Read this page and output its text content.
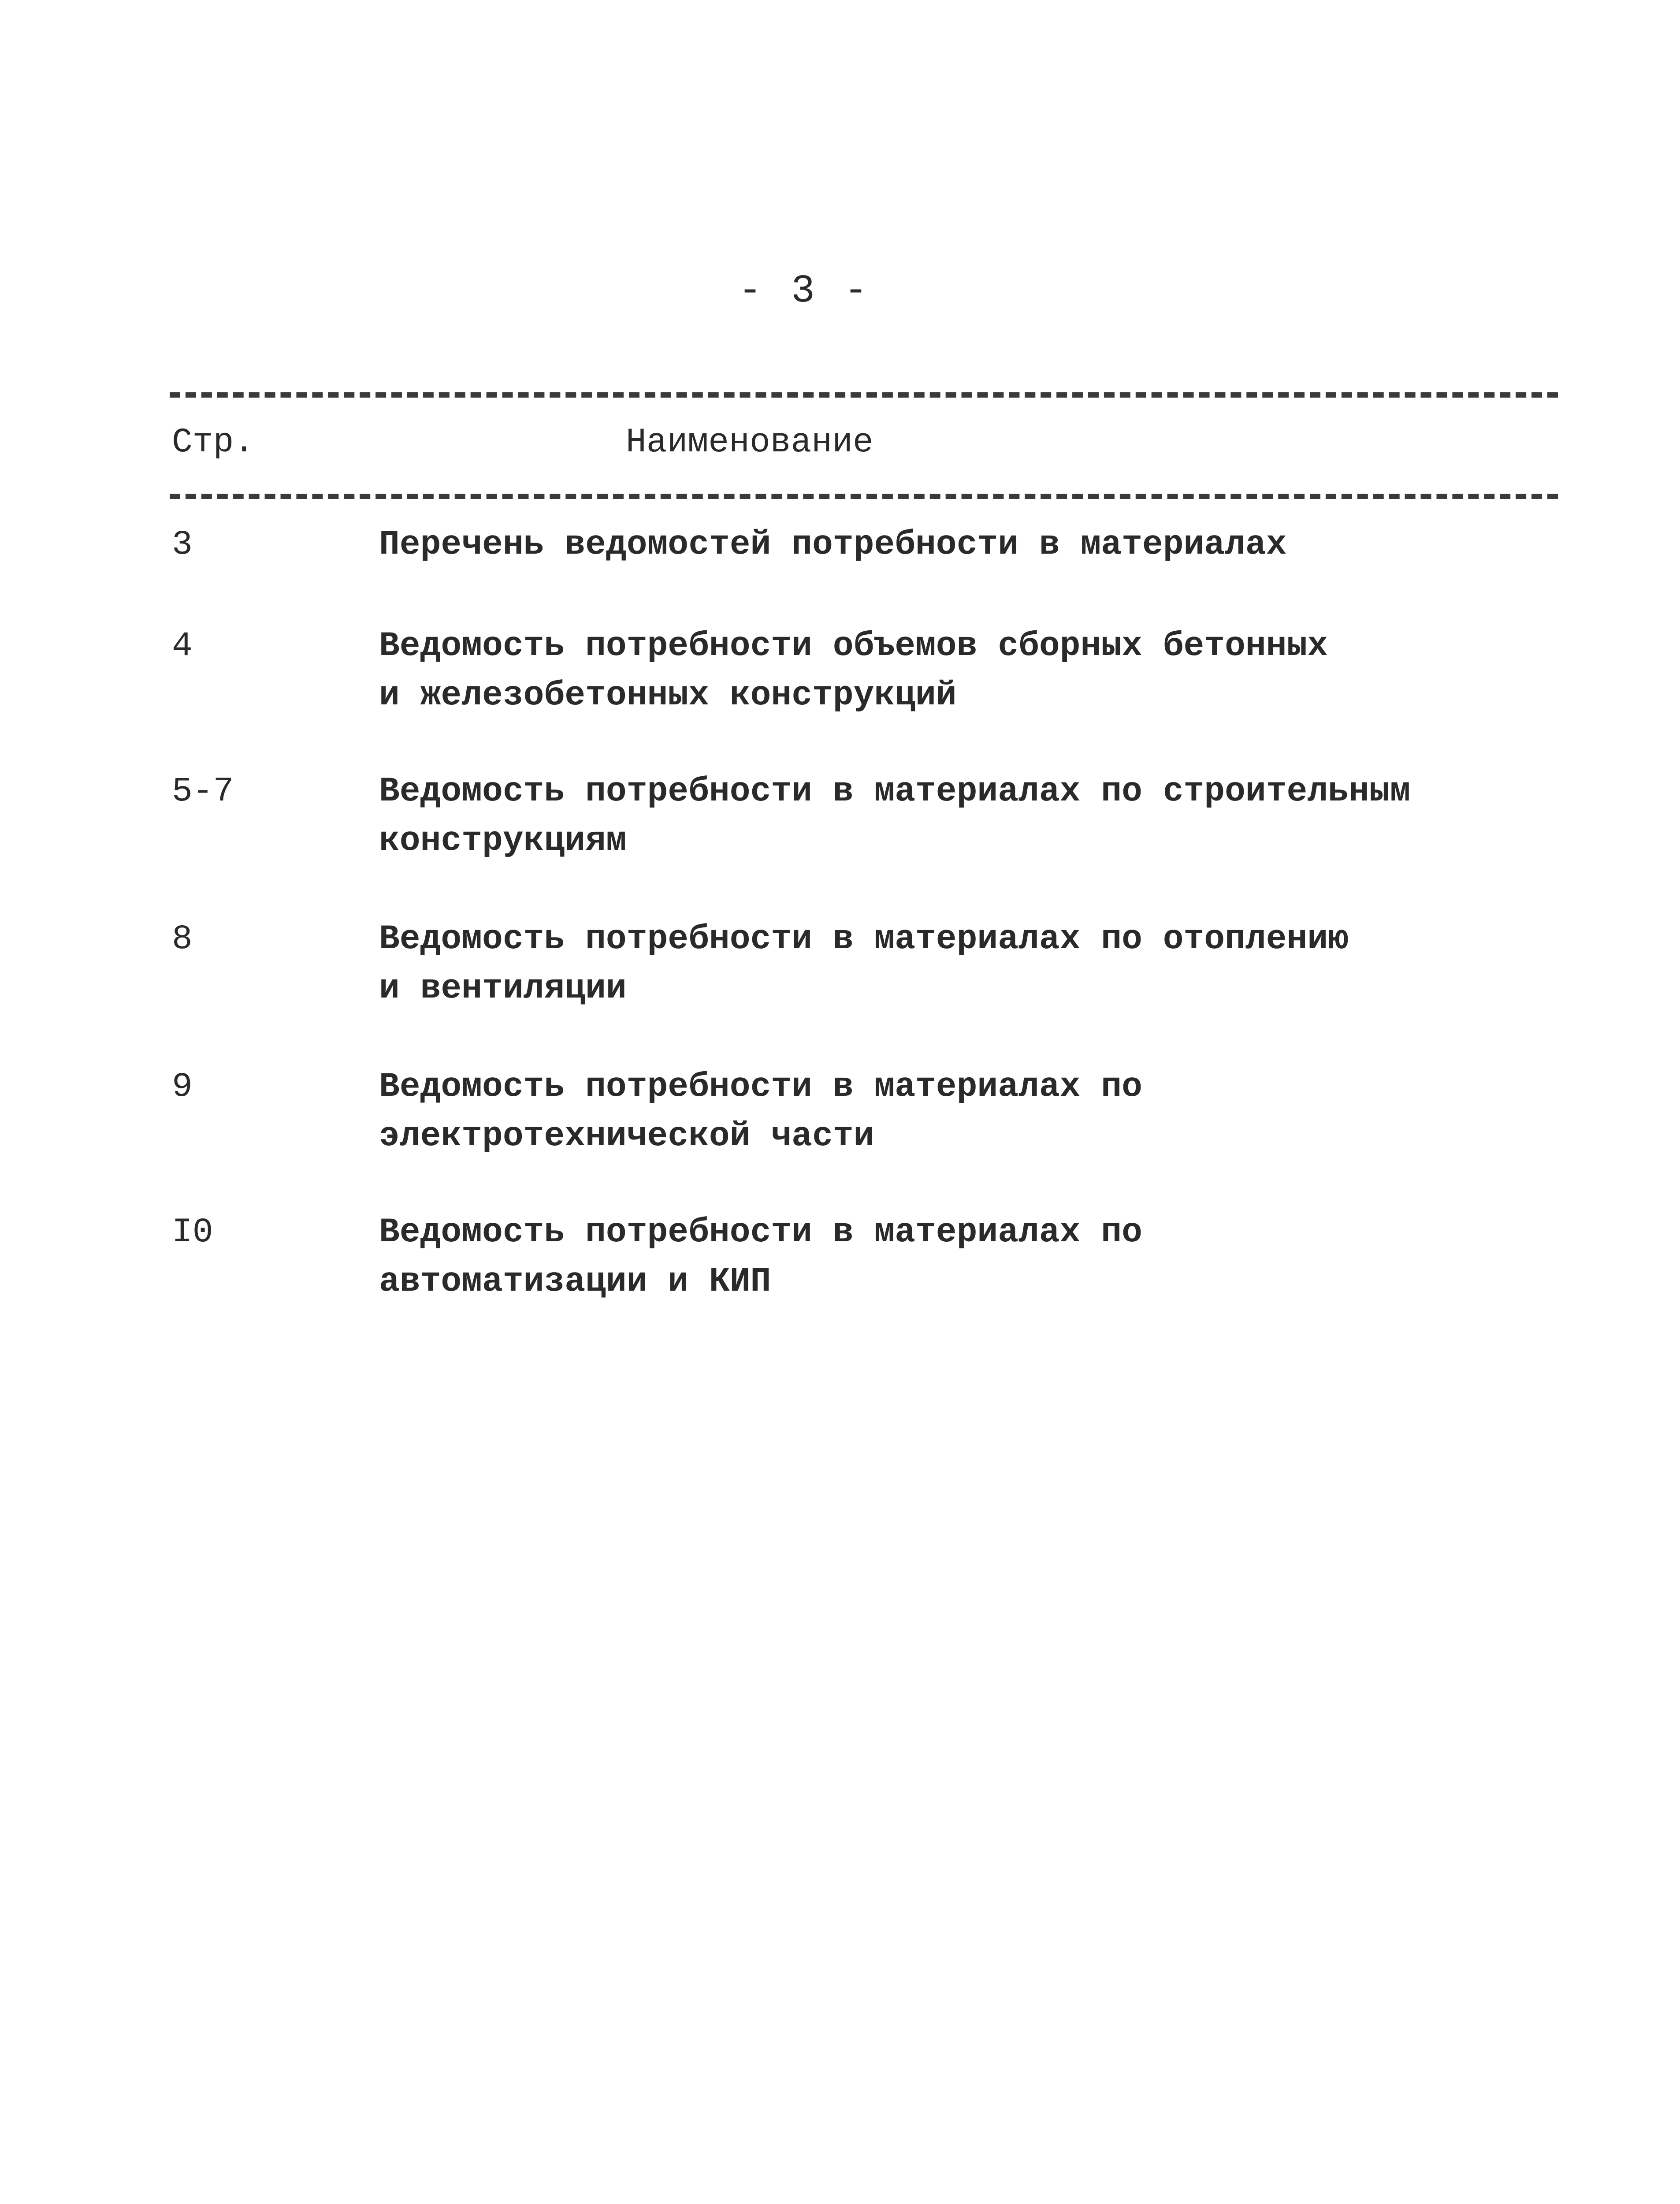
- 3 -
Стр.	Наименование
3	Перечень ведомостей потребности в материалах
4	Ведомость потребности объемов сборных бетонных
и железобетонных конструкций
5-7	Ведомость потребности в материалах по строительным
конструкциям
8	Ведомость потребности в материалах по отоплению
и вентиляции
9	Ведомость потребности в материалах по
электротехнической части
I0	Ведомость потребности в материалах по
автоматизации и КИП
